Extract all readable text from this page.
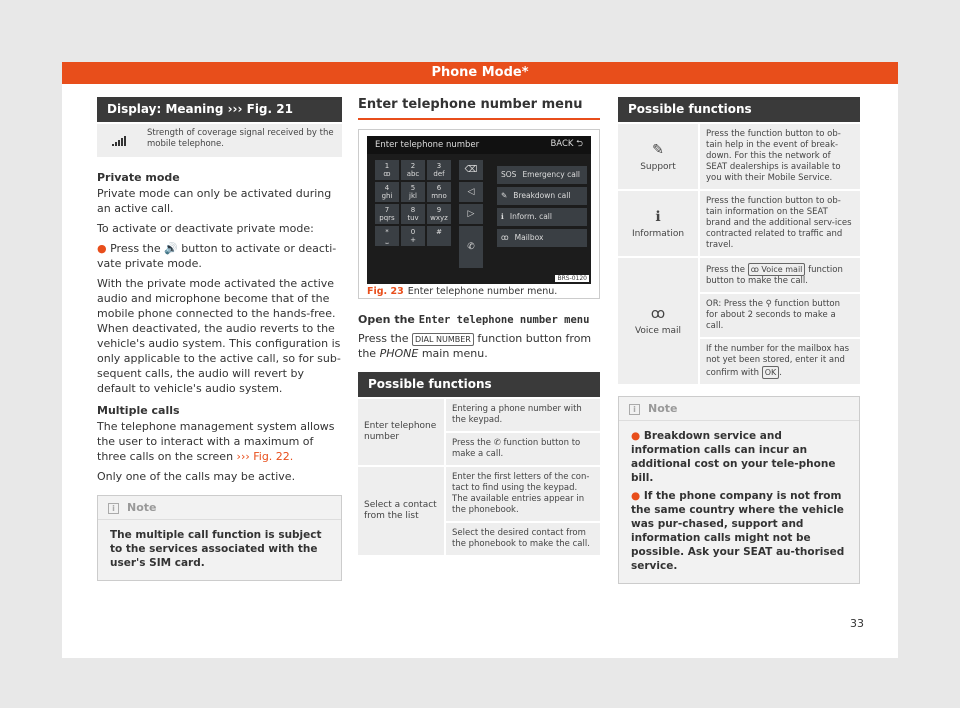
Phone Mode*
Display: Meaning ››› Fig. 21
Strength of coverage signal received by the mobile telephone.
Private mode
Private mode can only be activated during an active call.
To activate or deactivate private mode:
● Press the 🔊 button to activate or deacti-vate private mode.
With the private mode activated the active audio and microphone become that of the mobile phone connected to the hands-free. When deactivated, the audio reverts to the vehicle's audio system. This configuration is only applicable to the active call, so for sub-sequent calls, the audio will revert by default to vehicle's audio system.
Multiple calls
The telephone management system allows the user to interact with a maximum of three calls on the screen ››› Fig. 22.
Only one of the calls may be active.
i Note
The multiple call function is subject to the services associated with the user's SIM card.
Enter telephone number menu
Enter telephone number	BACK ⮌
1
ꝏ
2
abc
3
def
4
ghi
5
jkl
6
mno
7
pqrs
8
tuv
9
wxyz
*
⎵
0
+
#
⌫
◁
▷
✆
SOS Emergency call
✎ Breakdown call
ℹ Inform. call
ꝏ Mailbox
BRS-0120
Fig. 23 Enter telephone number menu.
Open the Enter telephone number menu
Press the DIAL NUMBER function button from the PHONE main menu.
Possible functions
Enter telephone number
Entering a phone number with the keypad.
Press the ✆ function button to make a call.
Select a contact from the list
Enter the first letters of the con-tact to find using the keypad. The available entries appear in the phonebook.
Select the desired contact from the phonebook to make the call.
Possible functions
✎
Support
Press the function button to ob-tain help in the event of break-down. For this the network of SEAT dealerships is available to you with their Mobile Service.
ℹ
Information
Press the function button to ob-tain information on the SEAT brand and the additional serv-ices contracted related to traffic and travel.
ꝏ
Voice mail
Press the ꝏ Voice mail function button to make the call.
OR: Press the ⚲ function button for about 2 seconds to make a call.
If the number for the mailbox has not yet been stored, enter it and confirm with OK .
i Note
● Breakdown service and information calls can incur an additional cost on your tele-phone bill.
● If the phone company is not from the same country where the vehicle was pur-chased, support and information calls might not be possible. Ask your SEAT au-thorised service.
33
